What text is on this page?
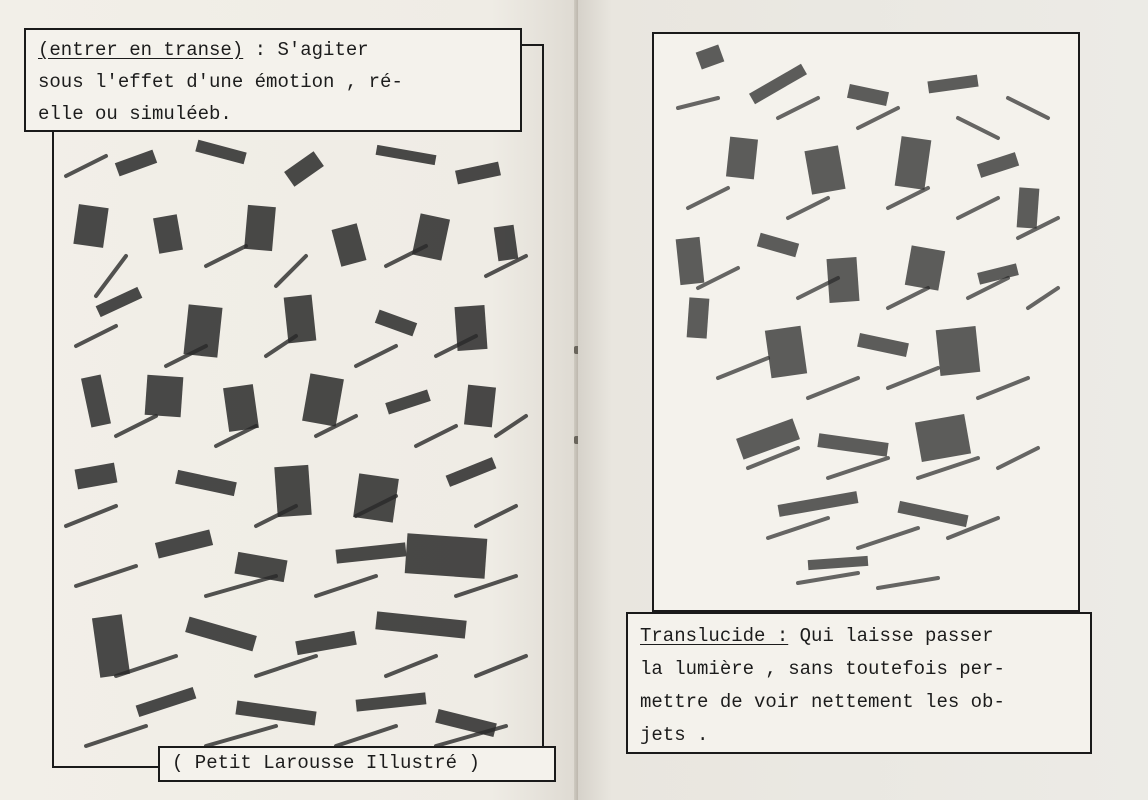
(entrer en transe) : S'agiter
sous l'effet d'une émotion , ré-
elle ou simuléeb.
( Petit Larousse Illustré )
Translucide : Qui laisse passer
la lumière , sans toutefois per-
mettre de voir nettement les ob-
jets .
